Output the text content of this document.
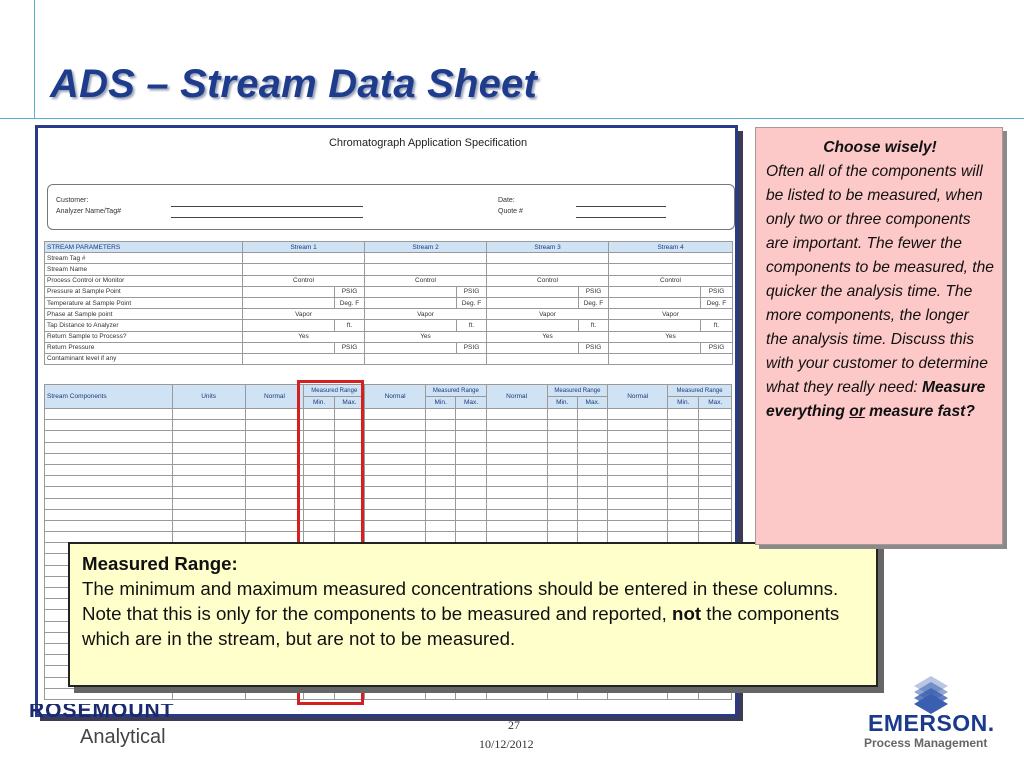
ADS – Stream Data Sheet
Chromatograph Application Specification
Customer:
Analyzer Name/Tag#
Date:
Quote #
STREAM PARAMETERS	Stream 1		Stream 2		Stream 3		Stream 4	
Stream Tag #								
Stream Name								
Process Control or Monitor	Control		Control		Control		Control	
Pressure at Sample Point		PSIG		PSIG		PSIG		PSIG
Temperature at Sample Point		Deg. F		Deg. F		Deg. F		Deg. F
Phase at Sample point	Vapor		Vapor		Vapor		Vapor	
Tap Distance to Analyzer		ft.		ft.		ft.		ft.
Return Sample to Process?	Yes		Yes		Yes		Yes	
Return Pressure		PSIG		PSIG		PSIG		PSIG
Contaminant level if any								
Stream Components	Units	Normal	Measured Range		Normal	Measured Range		Normal	Measured Range		Normal	Measured Range	
			Min.	Max.		Min.	Max.		Min.	Max.		Min.	Max.

Measured Range:
The minimum and maximum measured concentrations should be entered in these columns. Note that this is only for the components to be measured and reported, not the components which are in the stream, but are not to be measured.
Choose wisely!
Often all of the components will be listed to be measured, when only two or three components are important. The fewer the components to be measured, the quicker the analysis time. The more components, the longer the analysis time. Discuss this with your customer to determine what they really need: Measure everything or measure fast?
ROSEMOUNT
Analytical
27
10/12/2012
EMERSON.
Process Management
